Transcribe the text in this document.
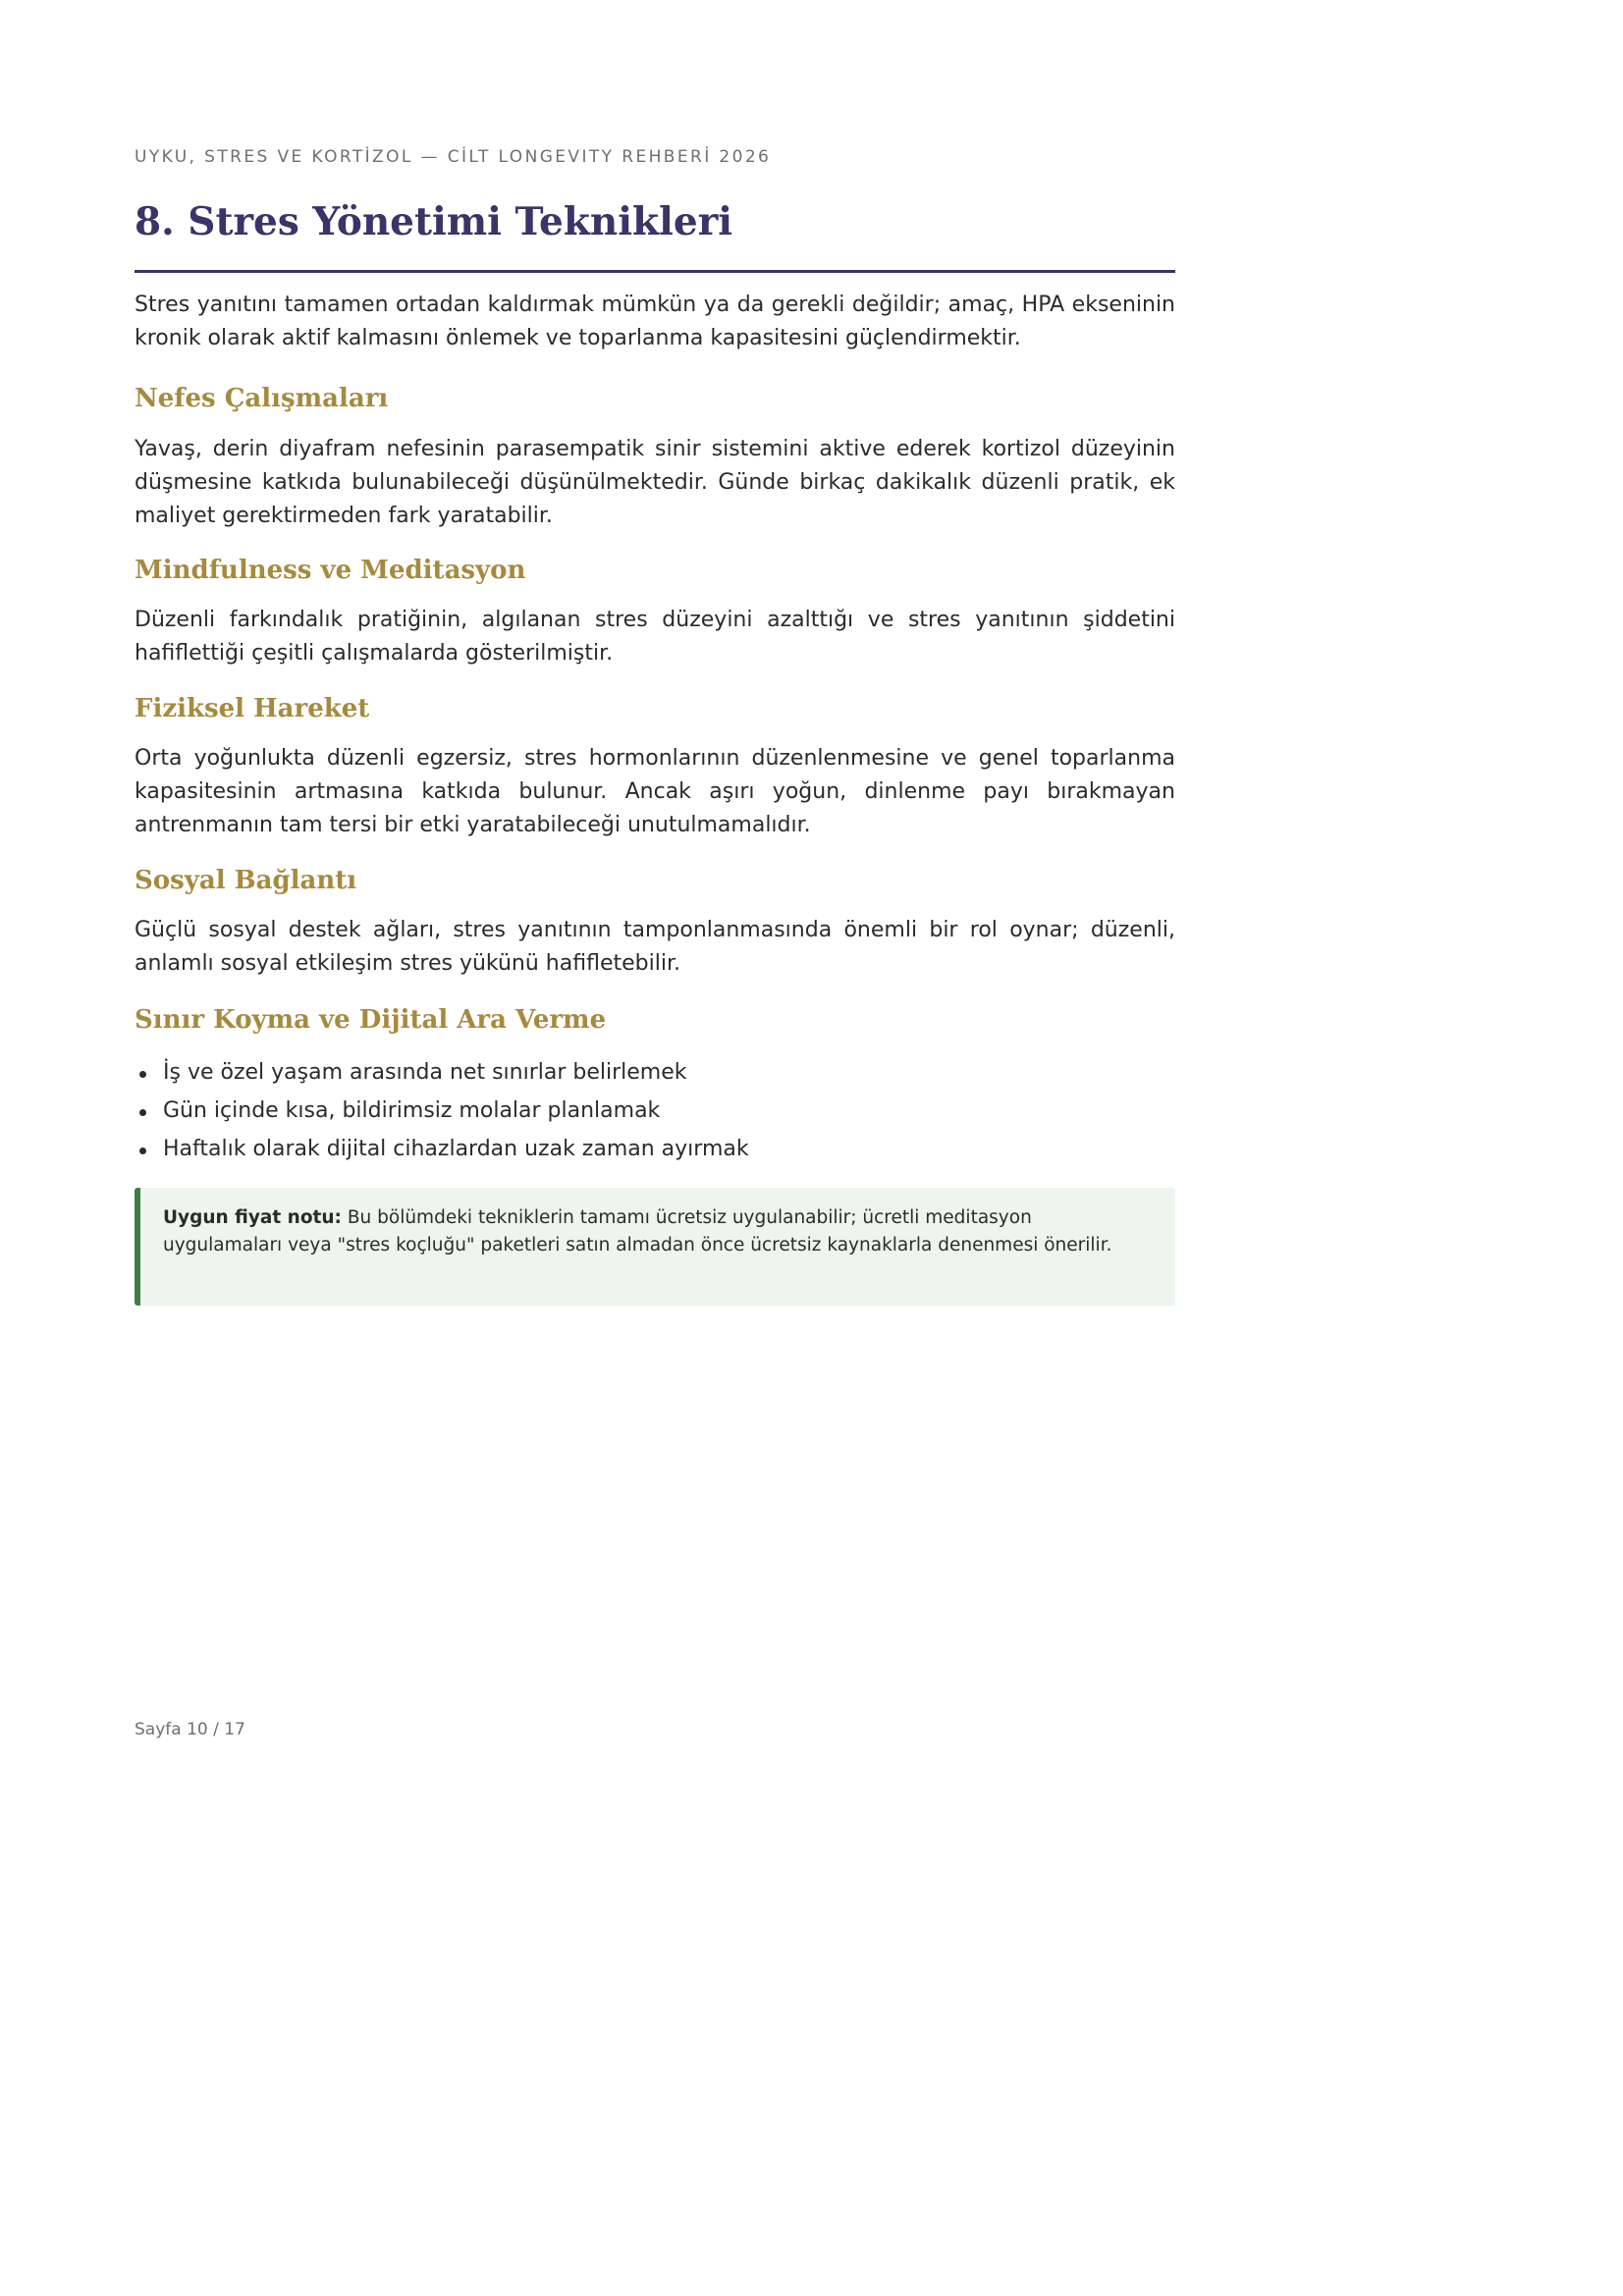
UYKU, STRES VE KORTİZOL — CİLT LONGEVITY REHBERİ 2026
8. Stres Yönetimi Teknikleri

Stres yanıtını tamamen ortadan kaldırmak mümkün ya da gerekli değildir; amaç, HPA ekseninin kronik olarak aktif kalmasını önlemek ve toparlanma kapasitesini güçlendirmektir.

Nefes Çalışmaları

Yavaş, derin diyafram nefesinin parasempatik sinir sistemini aktive ederek kortizol düzeyinin düşmesine katkıda bulunabileceği düşünülmektedir. Günde birkaç dakikalık düzenli pratik, ek maliyet gerektirmeden fark yaratabilir.

Mindfulness ve Meditasyon

Düzenli farkındalık pratiğinin, algılanan stres düzeyini azalttığı ve stres yanıtının şiddetini hafiflettiği çeşitli çalışmalarda gösterilmiştir.

Fiziksel Hareket

Orta yoğunlukta düzenli egzersiz, stres hormonlarının düzenlenmesine ve genel toparlanma kapasitesinin artmasına katkıda bulunur. Ancak aşırı yoğun, dinlenme payı bırakmayan antrenmanın tam tersi bir etki yaratabileceği unutulmamalıdır.

Sosyal Bağlantı

Güçlü sosyal destek ağları, stres yanıtının tamponlanmasında önemli bir rol oynar; düzenli, anlamlı sosyal etkileşim stres yükünü hafifletebilir.

Sınır Koyma ve Dijital Ara Verme
İş ve özel yaşam arasında net sınırlar belirlemek
Gün içinde kısa, bildirimsiz molalar planlamak
Haftalık olarak dijital cihazlardan uzak zaman ayırmak

Uygun fiyat notu: Bu bölümdeki tekniklerin tamamı ücretsiz uygulanabilir; ücretli meditasyon uygulamaları veya "stres koçluğu" paketleri satın almadan önce ücretsiz kaynaklarla denenmesi önerilir.

Sayfa 10 / 17
